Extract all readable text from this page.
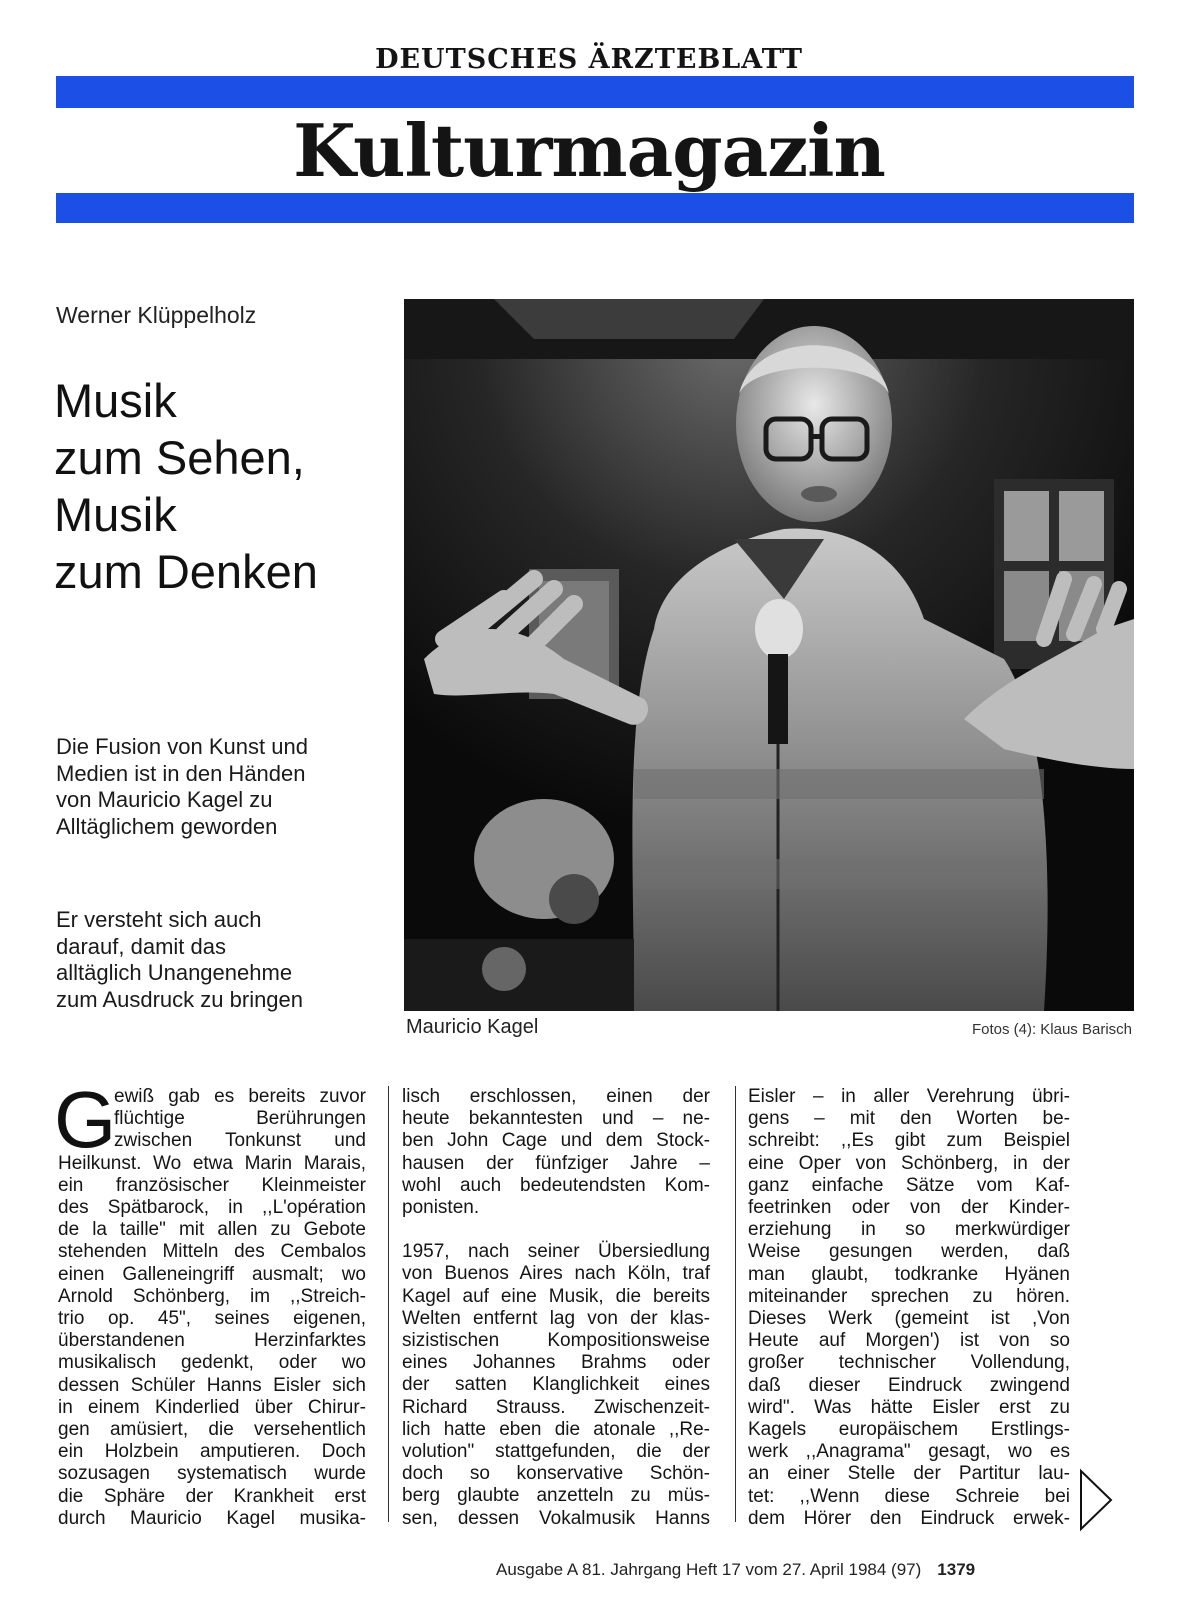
DEUTSCHES ÄRZTEBLATT
Kulturmagazin
Werner Klüppelholz
Musik
zum Sehen,
Musik
zum Denken
Die Fusion von Kunst und
Medien ist in den Händen
von Mauricio Kagel zu
Alltäglichem geworden
Er versteht sich auch
darauf, damit das
alltäglich Unangenehme
zum Ausdruck zu bringen
Mauricio Kagel	Fotos (4): Klaus Barisch
G
ewiß gab es bereits zuvor
flüchtige Berührungen
zwischen Tonkunst und
Heilkunst. Wo etwa Marin Marais,
ein französischer Kleinmeister
des Spätbarock, in ,,L'opération
de la taille" mit allen zu Gebote
stehenden Mitteln des Cembalos
einen Galleneingriff ausmalt; wo
Arnold Schönberg, im ,,Streich-
trio op. 45", seines eigenen,
überstandenen Herzinfarktes
musikalisch gedenkt, oder wo
dessen Schüler Hanns Eisler sich
in einem Kinderlied über Chirur-
gen amüsiert, die versehentlich
ein Holzbein amputieren. Doch
sozusagen systematisch wurde
die Sphäre der Krankheit erst
durch Mauricio Kagel musika-
lisch erschlossen, einen der
heute bekanntesten und – ne-
ben John Cage und dem Stock-
hausen der fünfziger Jahre –
wohl auch bedeutendsten Kom-
ponisten.
1957, nach seiner Übersiedlung
von Buenos Aires nach Köln, traf
Kagel auf eine Musik, die bereits
Welten entfernt lag von der klas-
sizistischen Kompositionsweise
eines Johannes Brahms oder
der satten Klanglichkeit eines
Richard Strauss. Zwischenzeit-
lich hatte eben die atonale ,,Re-
volution" stattgefunden, die der
doch so konservative Schön-
berg glaubte anzetteln zu müs-
sen, dessen Vokalmusik Hanns
Eisler – in aller Verehrung übri-
gens – mit den Worten be-
schreibt: ,,Es gibt zum Beispiel
eine Oper von Schönberg, in der
ganz einfache Sätze vom Kaf-
feetrinken oder von der Kinder-
erziehung in so merkwürdiger
Weise gesungen werden, daß
man glaubt, todkranke Hyänen
miteinander sprechen zu hören.
Dieses Werk (gemeint ist ,Von
Heute auf Morgen') ist von so
großer technischer Vollendung,
daß dieser Eindruck zwingend
wird". Was hätte Eisler erst zu
Kagels europäischem Erstlings-
werk ,,Anagrama" gesagt, wo es
an einer Stelle der Partitur lau-
tet: ,,Wenn diese Schreie bei
dem Hörer den Eindruck erwek-
Ausgabe A 81. Jahrgang Heft 17 vom 27. April 1984 (97) 1379
